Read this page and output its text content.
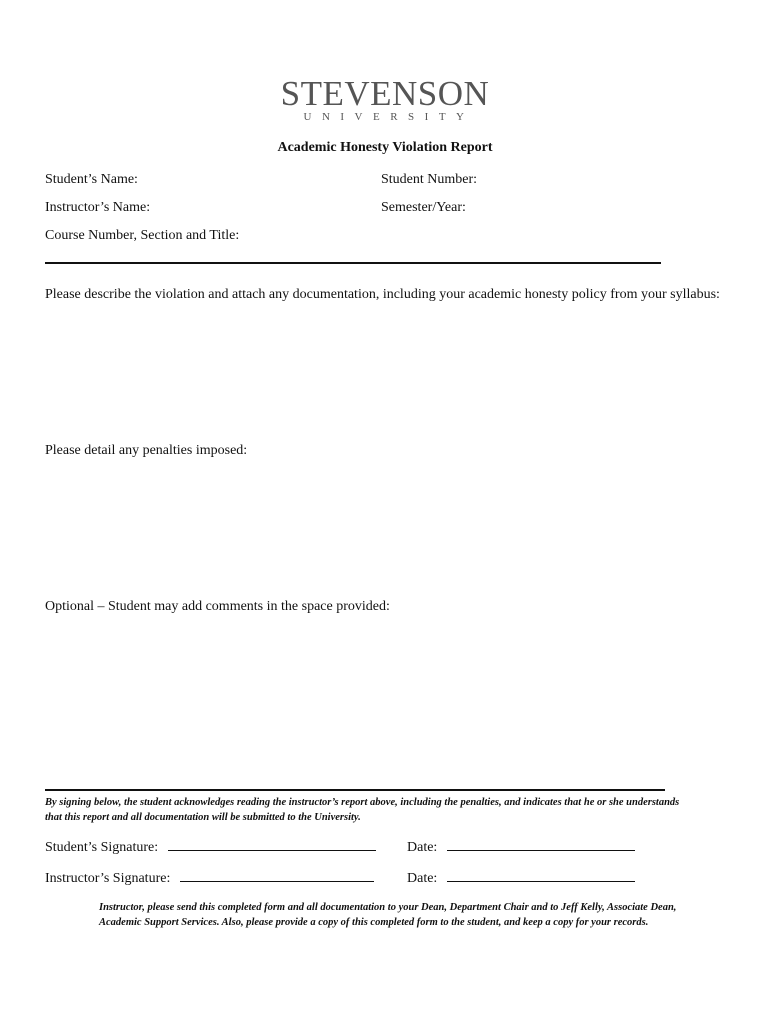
STEVENSON
UNIVERSITY
Academic Honesty Violation Report
Student’s Name:	Student Number:
Instructor’s Name:	Semester/Year:
Course Number, Section and Title:
Please describe the violation and attach any documentation, including your academic honesty policy from your syllabus:
Please detail any penalties imposed:
Optional – Student may add comments in the space provided:
By signing below, the student acknowledges reading the instructor’s report above, including the penalties, and indicates that he or she understands that this report and all documentation will be submitted to the University.
Student’s Signature:	Date:
Instructor’s Signature:	Date:
Instructor, please send this completed form and all documentation to your Dean, Department Chair and to Jeff Kelly, Associate Dean, Academic Support Services. Also, please provide a copy of this completed form to the student, and keep a copy for your records.
